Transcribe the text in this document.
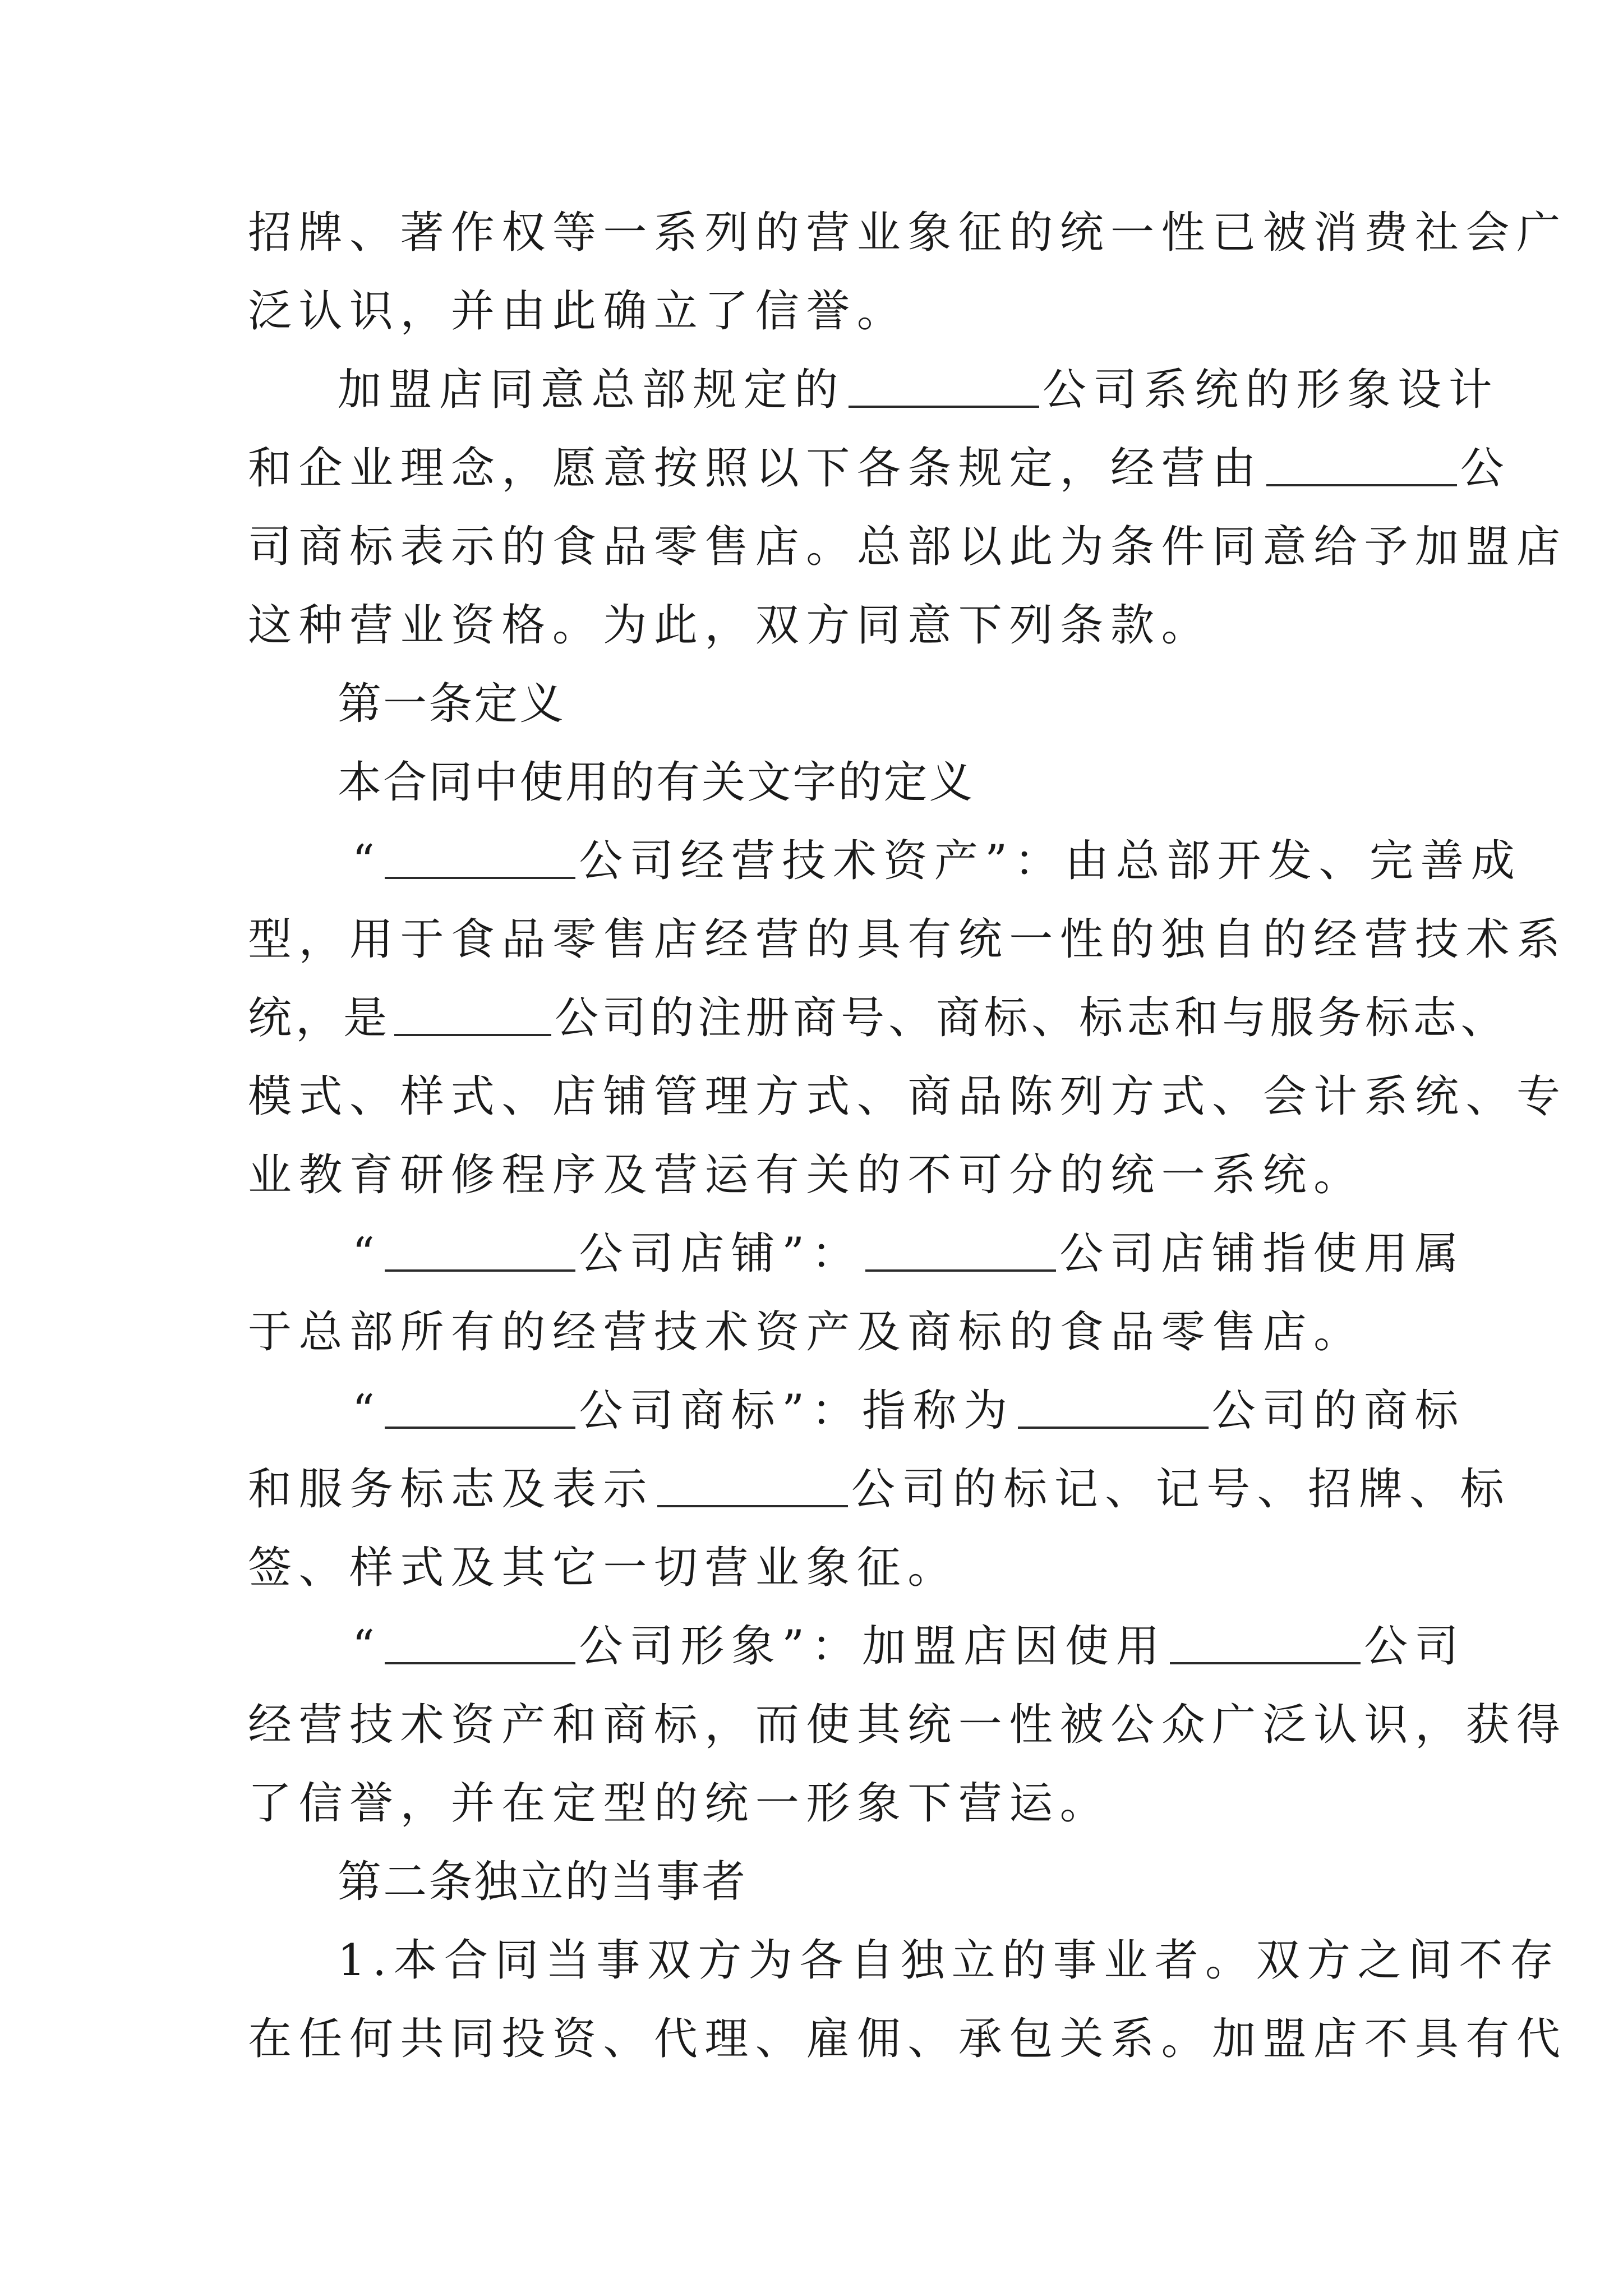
招牌、著作权等一系列的营业象征的统一性已被消费社会广
泛认识，并由此确立了信誉。
加盟店同意总部规定的	公司系统的形象设计
和企业理念，愿意按照以下各条规定，经营由	公
司商标表示的食品零售店。总部以此为条件同意给予加盟店
这种营业资格。为此，双方同意下列条款。
第一条定义
本合同中使用的有关文字的定义
“	公司经营技术资产”：由总部开发、完善成
型，用于食品零售店经营的具有统一性的独自的经营技术系
统，是	公司的注册商号、商标、标志和与服务标志、
模式、样式、店铺管理方式、商品陈列方式、会计系统、专
业教育研修程序及营运有关的不可分的统一系统。
“	公司店铺”：	公司店铺指使用属
于总部所有的经营技术资产及商标的食品零售店。
“	公司商标”：指称为	公司的商标
和服务标志及表示	公司的标记、记号、招牌、标
签、样式及其它一切营业象征。
“	公司形象”：加盟店因使用	公司
经营技术资产和商标，而使其统一性被公众广泛认识，获得
了信誉，并在定型的统一形象下营运。
第二条独立的当事者
1.本合同当事双方为各自独立的事业者。双方之间不存
在任何共同投资、代理、雇佣、承包关系。加盟店不具有代
